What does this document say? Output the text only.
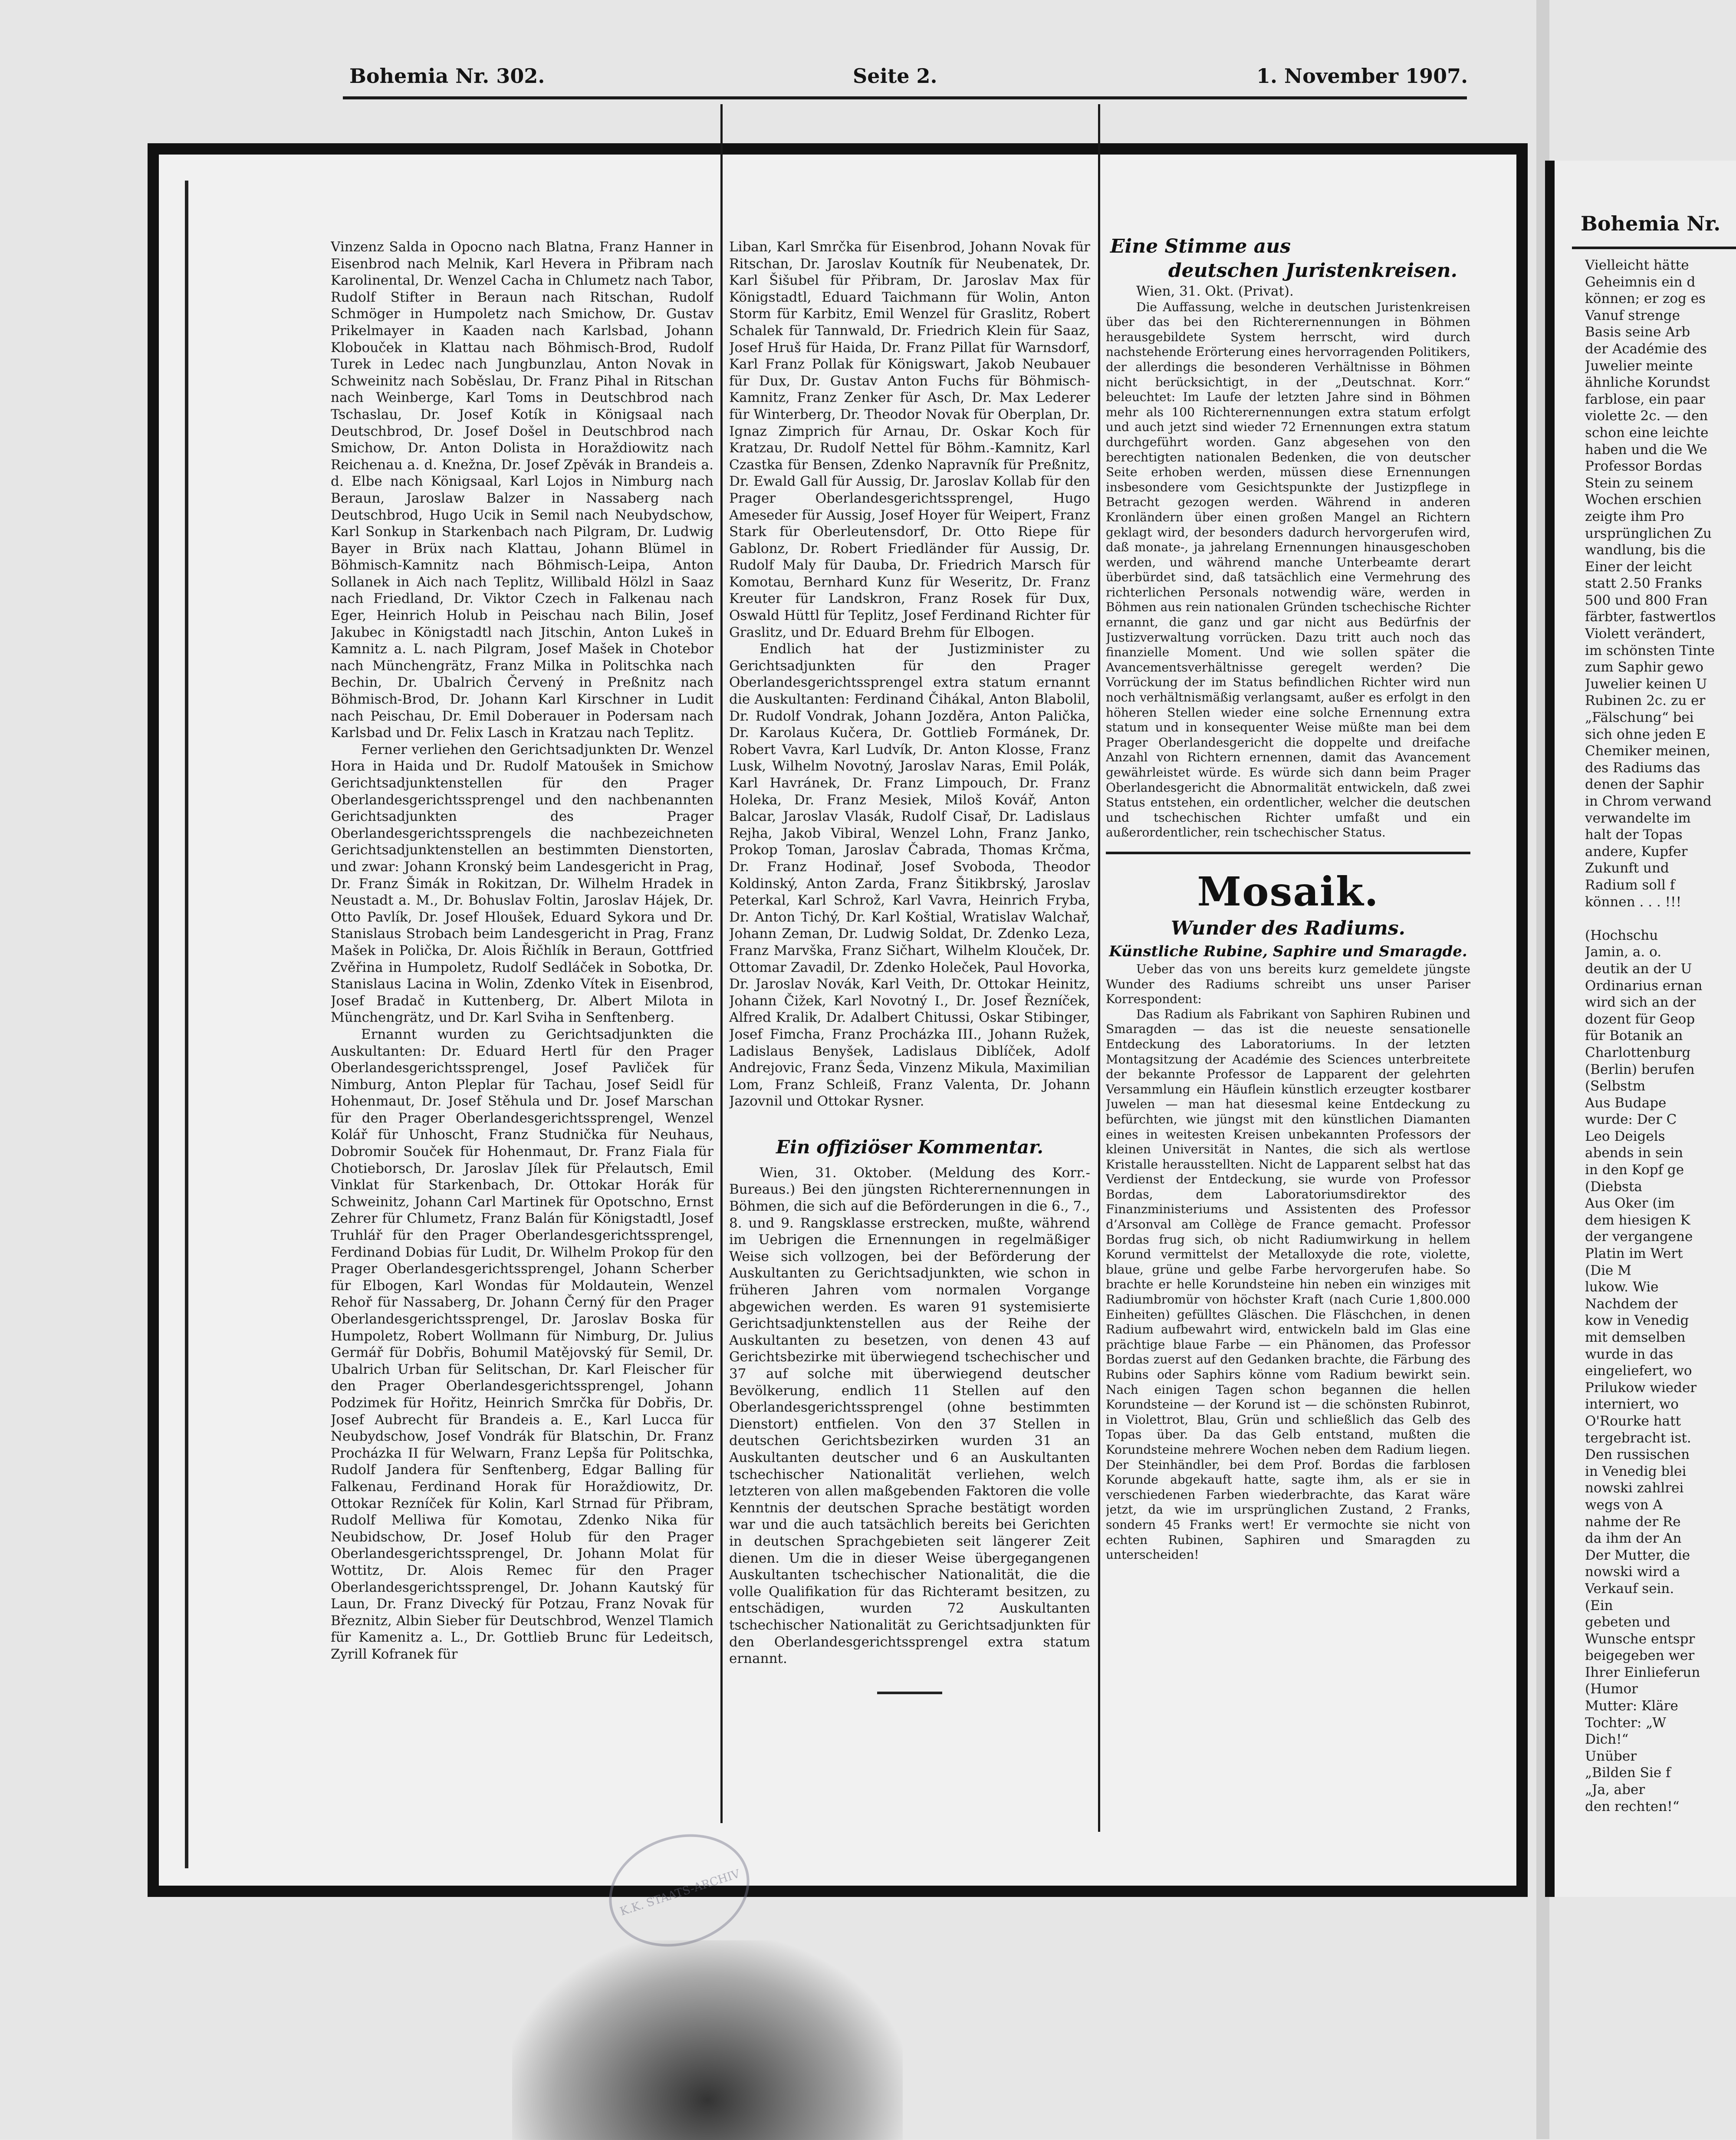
Bohemia Nr.

Vielleicht hätte

Geheimnis ein d

können; er zog es

Vanuf strenge

Basis seine Arb

der Académie des

Juwelier meinte

ähnliche Korundst

farblose, ein paar

violette 2c. — den

schon eine leichte

haben und die We

Professor Bordas

Stein zu seinem

Wochen erschien

zeigte ihm Pro

ursprünglichen Zu

wandlung, bis die

Einer der leicht

statt 2.50 Franks

500 und 800 Fran

färbter, fastwertlos

Violett verändert,

im schönsten Tinte

zum Saphir gewo

Juwelier keinen U

Rubinen 2c. zu er

„Fälschung“ bei

sich ohne jeden E

Chemiker meinen,

des Radiums das

denen der Saphir

in Chrom verwand

verwandelte im

halt der Topas

andere, Kupfer

Zukunft und

Radium soll f

können . . . !!!

(Hochschu

Jamin, a. o.

deutik an der U

Ordinarius ernan

wird sich an der

dozent für Geop

für Botanik an

Charlottenburg

(Berlin) berufen

(Selbstm

Aus Budape

wurde: Der C

Leo Deigels

abends in sein

in den Kopf ge

(Diebsta

Aus Oker (im

dem hiesigen K

der vergangene

Platin im Wert

(Die M

lukow. Wie

Nachdem der

kow in Venedig

mit demselben

wurde in das

eingeliefert, wo

Prilukow wieder

interniert, wo

O'Rourke hatt

tergebracht ist.

Den russischen

in Venedig blei

nowski zahlrei

wegs von A

nahme der Re

da ihm der An

Der Mutter, die

nowski wird a

Verkauf sein.

(Ein

gebeten und

Wunsche entspr

beigegeben wer

Ihrer Einlieferun

(Humor

Mutter: Kläre

Tochter: „W

Dich!“

Unüber

„Bilden Sie f

„Ja, aber

den rechten!“

Bohemia Nr. 302.	Seite 2.	1. November 1907.

Vinzenz Salda in Opocno nach Blatna, Franz Hanner in Eisenbrod nach Melnik, Karl Hevera in Přibram nach Karolinental, Dr. Wenzel Cacha in Chlumetz nach Tabor, Rudolf Stifter in Beraun nach Ritschan, Rudolf Schmöger in Humpoletz nach Smichow, Dr. Gustav Prikelmayer in Kaaden nach Karlsbad, Johann Klobouček in Klattau nach Böhmisch-Brod, Rudolf Turek in Ledec nach Jungbunzlau, Anton Novak in Schweinitz nach Soběslau, Dr. Franz Pihal in Ritschan nach Weinberge, Karl Toms in Deutschbrod nach Tschaslau, Dr. Josef Kotík in Königsaal nach Deutschbrod, Dr. Josef Došel in Deutschbrod nach Smichow, Dr. Anton Dolista in Horaždiowitz nach Reichenau a. d. Knežna, Dr. Josef Zpěvák in Brandeis a. d. Elbe nach Königsaal, Karl Lojos in Nimburg nach Beraun, Jaroslaw Balzer in Nassaberg nach Deutschbrod, Hugo Ucik in Semil nach Neubydschow, Karl Sonkup in Starkenbach nach Pilgram, Dr. Ludwig Bayer in Brüx nach Klattau, Johann Blümel in Böhmisch-Kamnitz nach Böhmisch-Leipa, Anton Sollanek in Aich nach Teplitz, Willibald Hölzl in Saaz nach Friedland, Dr. Viktor Czech in Falkenau nach Eger, Heinrich Holub in Peischau nach Bilin, Josef Jakubec in Königstadtl nach Jitschin, Anton Lukeš in Kamnitz a. L. nach Pilgram, Josef Mašek in Chotebor nach Münchengrätz, Franz Milka in Politschka nach Bechin, Dr. Ubalrich Červený in Preßnitz nach Böhmisch-Brod, Dr. Johann Karl Kirschner in Ludit nach Peischau, Dr. Emil Doberauer in Podersam nach Karlsbad und Dr. Felix Lasch in Kratzau nach Teplitz.

Ferner verliehen den Gerichtsadjunkten Dr. Wenzel Hora in Haida und Dr. Rudolf Matoušek in Smichow Gerichtsadjunktenstellen für den Prager Oberlandesgerichtssprengel und den nachbenannten Gerichtsadjunkten des Prager Oberlandesgerichtssprengels die nachbezeichneten Gerichtsadjunktenstellen an bestimmten Dienstorten, und zwar: Johann Kronský beim Landesgericht in Prag, Dr. Franz Šimák in Rokitzan, Dr. Wilhelm Hradek in Neustadt a. M., Dr. Bohuslav Foltin, Jaroslav Hájek, Dr. Otto Pavlík, Dr. Josef Hloušek, Eduard Sykora und Dr. Stanislaus Strobach beim Landesgericht in Prag, Franz Mašek in Polička, Dr. Alois Řičhlík in Beraun, Gottfried Zvěřina in Humpoletz, Rudolf Sedláček in Sobotka, Dr. Stanislaus Lacina in Wolin, Zdenko Vítek in Eisenbrod, Josef Bradač in Kuttenberg, Dr. Albert Milota in Münchengrätz, und Dr. Karl Sviha in Senftenberg.

Ernannt wurden zu Gerichtsadjunkten die Auskultanten: Dr. Eduard Hertl für den Prager Oberlandesgerichtssprengel, Josef Pavliček für Nimburg, Anton Pleplar für Tachau, Josef Seidl für Hohenmaut, Dr. Josef Stěhula und Dr. Josef Marschan für den Prager Oberlandesgerichtssprengel, Wenzel Kolář für Unhoscht, Franz Studnička für Neuhaus, Dobromir Souček für Hohenmaut, Dr. Franz Fiala für Chotieborsch, Dr. Jaroslav Jílek für Přelautsch, Emil Vinklat für Starkenbach, Dr. Ottokar Horák für Schweinitz, Johann Carl Martinek für Opotschno, Ernst Zehrer für Chlumetz, Franz Balán für Königstadtl, Josef Truhlář für den Prager Oberlandesgerichtssprengel, Ferdinand Dobias für Ludit, Dr. Wilhelm Prokop für den Prager Oberlandesgerichtssprengel, Johann Scherber für Elbogen, Karl Wondas für Moldautein, Wenzel Rehoř für Nassaberg, Dr. Johann Černý für den Prager Oberlandesgerichtssprengel, Dr. Jaroslav Boska für Humpoletz, Robert Wollmann für Nimburg, Dr. Julius Germář für Dobřis, Bohumil Matějovský für Semil, Dr. Ubalrich Urban für Selitschan, Dr. Karl Fleischer für den Prager Oberlandesgerichtssprengel, Johann Podzimek für Hořitz, Heinrich Smrčka für Dobřis, Dr. Josef Aubrecht für Brandeis a. E., Karl Lucca für Neubydschow, Josef Vondrák für Blatschin, Dr. Franz Procházka II für Welwarn, Franz Lepša für Politschka, Rudolf Jandera für Senftenberg, Edgar Balling für Falkenau, Ferdinand Horak für Horaždiowitz, Dr. Ottokar Rezníček für Kolin, Karl Strnad für Přibram, Rudolf Melliwa für Komotau, Zdenko Nika für Neubidschow, Dr. Josef Holub für den Prager Oberlandesgerichtssprengel, Dr. Johann Molat für Wottitz, Dr. Alois Remec für den Prager Oberlandesgerichtssprengel, Dr. Johann Kautský für Laun, Dr. Franz Divecký für Potzau, Franz Novak für Březnitz, Albin Sieber für Deutschbrod, Wenzel Tlamich für Kamenitz a. L., Dr. Gottlieb Brunc für Ledeitsch, Zyrill Kofranek für

Liban, Karl Smrčka für Eisenbrod, Johann Novak für Ritschan, Dr. Jaroslav Koutník für Neubenatek, Dr. Karl Šišubel für Přibram, Dr. Jaroslav Max für Königstadtl, Eduard Taichmann für Wolin, Anton Storm für Karbitz, Emil Wenzel für Graslitz, Robert Schalek für Tannwald, Dr. Friedrich Klein für Saaz, Josef Hruš für Haida, Dr. Franz Pillat für Warnsdorf, Karl Franz Pollak für Königswart, Jakob Neubauer für Dux, Dr. Gustav Anton Fuchs für Böhmisch-Kamnitz, Franz Zenker für Asch, Dr. Max Lederer für Winterberg, Dr. Theodor Novak für Oberplan, Dr. Ignaz Zimprich für Arnau, Dr. Oskar Koch für Kratzau, Dr. Rudolf Nettel für Böhm.-Kamnitz, Karl Czastka für Bensen, Zdenko Napravník für Preßnitz, Dr. Ewald Gall für Aussig, Dr. Jaroslav Kollab für den Prager Oberlandesgerichtssprengel, Hugo Ameseder für Aussig, Josef Hoyer für Weipert, Franz Stark für Oberleutensdorf, Dr. Otto Riepe für Gablonz, Dr. Robert Friedländer für Aussig, Dr. Rudolf Maly für Dauba, Dr. Friedrich Marsch für Komotau, Bernhard Kunz für Weseritz, Dr. Franz Kreuter für Landskron, Franz Rosek für Dux, Oswald Hüttl für Teplitz, Josef Ferdinand Richter für Graslitz, und Dr. Eduard Brehm für Elbogen.

Endlich hat der Justizminister zu Gerichtsadjunkten für den Prager Oberlandesgerichtssprengel extra statum ernannt die Auskultanten: Ferdinand Čihákal, Anton Blabolil, Dr. Rudolf Vondrak, Johann Jozděra, Anton Palička, Dr. Karolaus Kučera, Dr. Gottlieb Formánek, Dr. Robert Vavra, Karl Ludvík, Dr. Anton Klosse, Franz Lusk, Wilhelm Novotný, Jaroslav Naras, Emil Polák, Karl Havránek, Dr. Franz Limpouch, Dr. Franz Holeka, Dr. Franz Mesiek, Miloš Kovář, Anton Balcar, Jaroslav Vlasák, Rudolf Cisař, Dr. Ladislaus Rejha, Jakob Vibiral, Wenzel Lohn, Franz Janko, Prokop Toman, Jaroslav Čabrada, Thomas Krčma, Dr. Franz Hodinař, Josef Svoboda, Theodor Koldinský, Anton Zarda, Franz Šitikbrský, Jaroslav Peterkal, Karl Schrož, Karl Vavra, Heinrich Fryba, Dr. Anton Tichý, Dr. Karl Koštial, Wratislav Walchař, Johann Zeman, Dr. Ludwig Soldat, Dr. Zdenko Leza, Franz Marvška, Franz Sičhart, Wilhelm Klouček, Dr. Ottomar Zavadil, Dr. Zdenko Holeček, Paul Hovorka, Dr. Jaroslav Novák, Karl Veith, Dr. Ottokar Heinitz, Johann Čižek, Karl Novotný I., Dr. Josef Řezníček, Alfred Kralik, Dr. Adalbert Chitussi, Oskar Stibinger, Josef Fimcha, Franz Procházka III., Johann Ružek, Ladislaus Benyšek, Ladislaus Diblíček, Adolf Andrejovic, Franz Šeda, Vinzenz Mikula, Maximilian Lom, Franz Schleiß, Franz Valenta, Dr. Johann Jazovnil und Ottokar Rysner.

Ein offiziöser Kommentar.

Wien, 31. Oktober. (Meldung des Korr.-Bureaus.) Bei den jüngsten Richterernennungen in Böhmen, die sich auf die Beförderungen in die 6., 7., 8. und 9. Rangsklasse erstrecken, mußte, während im Uebrigen die Ernennungen in regelmäßiger Weise sich vollzogen, bei der Beförderung der Auskultanten zu Gerichtsadjunkten, wie schon in früheren Jahren vom normalen Vorgange abgewichen werden. Es waren 91 systemisierte Gerichtsadjunktenstellen aus der Reihe der Auskultanten zu besetzen, von denen 43 auf Gerichtsbezirke mit überwiegend tschechischer und 37 auf solche mit überwiegend deutscher Bevölkerung, endlich 11 Stellen auf den Oberlandesgerichtssprengel (ohne bestimmten Dienstort) entfielen. Von den 37 Stellen in deutschen Gerichtsbezirken wurden 31 an Auskultanten deutscher und 6 an Auskultanten tschechischer Nationalität verliehen, welch letzteren von allen maßgebenden Faktoren die volle Kenntnis der deutschen Sprache bestätigt worden war und die auch tatsächlich bereits bei Gerichten in deutschen Sprachgebieten seit längerer Zeit dienen. Um die in dieser Weise übergegangenen Auskultanten tschechischer Nationalität, die die volle Qualifikation für das Richteramt besitzen, zu entschädigen, wurden 72 Auskultanten tschechischer Nationalität zu Gerichtsadjunkten für den Oberlandesgerichtssprengel extra statum ernannt.

Eine Stimme aus
deutschen Juristenkreisen.

Wien, 31. Okt. (Privat).

Die Auffassung, welche in deutschen Juristenkreisen über das bei den Richterernennungen in Böhmen herausgebildete System herrscht, wird durch nachstehende Erörterung eines hervorragenden Politikers, der allerdings die besonderen Verhältnisse in Böhmen nicht berücksichtigt, in der „Deutschnat. Korr.“ beleuchtet: Im Laufe der letzten Jahre sind in Böhmen mehr als 100 Richterernennungen extra statum erfolgt und auch jetzt sind wieder 72 Ernennungen extra statum durchgeführt worden. Ganz abgesehen von den berechtigten nationalen Bedenken, die von deutscher Seite erhoben werden, müssen diese Ernennungen insbesondere vom Gesichtspunkte der Justizpflege in Betracht gezogen werden. Während in anderen Kronländern über einen großen Mangel an Richtern geklagt wird, der besonders dadurch hervorgerufen wird, daß monate-, ja jahrelang Ernennungen hinausgeschoben werden, und während manche Unterbeamte derart überbürdet sind, daß tatsächlich eine Vermehrung des richterlichen Personals notwendig wäre, werden in Böhmen aus rein nationalen Gründen tschechische Richter ernannt, die ganz und gar nicht aus Bedürfnis der Justizverwaltung vorrücken. Dazu tritt auch noch das finanzielle Moment. Und wie sollen später die Avancementsverhältnisse geregelt werden? Die Vorrückung der im Status befindlichen Richter wird nun noch verhältnismäßig verlangsamt, außer es erfolgt in den höheren Stellen wieder eine solche Ernennung extra statum und in konsequenter Weise müßte man bei dem Prager Oberlandesgericht die doppelte und dreifache Anzahl von Richtern ernennen, damit das Avancement gewährleistet würde. Es würde sich dann beim Prager Oberlandesgericht die Abnormalität entwickeln, daß zwei Status entstehen, ein ordentlicher, welcher die deutschen und tschechischen Richter umfaßt und ein außerordentlicher, rein tschechischer Status.

Mosaik.
Wunder des Radiums.
Künstliche Rubine, Saphire und Smaragde.

Ueber das von uns bereits kurz gemeldete jüngste Wunder des Radiums schreibt uns unser Pariser Korrespondent:

Das Radium als Fabrikant von Saphiren Rubinen und Smaragden — das ist die neueste sensationelle Entdeckung des Laboratoriums. In der letzten Montagsitzung der Académie des Sciences unterbreitete der bekannte Professor de Lapparent der gelehrten Versammlung ein Häuflein künstlich erzeugter kostbarer Juwelen — man hat diesesmal keine Entdeckung zu befürchten, wie jüngst mit den künstlichen Diamanten eines in weitesten Kreisen unbekannten Professors der kleinen Universität in Nantes, die sich als wertlose Kristalle herausstellten. Nicht de Lapparent selbst hat das Verdienst der Entdeckung, sie wurde von Professor Bordas, dem Laboratoriumsdirektor des Finanzministeriums und Assistenten des Professor d’Arsonval am Collège de France gemacht. Professor Bordas frug sich, ob nicht Radiumwirkung in hellem Korund vermittelst der Metalloxyde die rote, violette, blaue, grüne und gelbe Farbe hervorgerufen habe. So brachte er helle Korundsteine hin neben ein winziges mit Radiumbromür von höchster Kraft (nach Curie 1,800.000 Einheiten) gefülltes Gläschen. Die Fläschchen, in denen Radium aufbewahrt wird, entwickeln bald im Glas eine prächtige blaue Farbe — ein Phänomen, das Professor Bordas zuerst auf den Gedanken brachte, die Färbung des Rubins oder Saphirs könne vom Radium bewirkt sein. Nach einigen Tagen schon begannen die hellen Korundsteine — der Korund ist — die schönsten Rubinrot, in Violettrot, Blau, Grün und schließlich das Gelb des Topas über. Da das Gelb entstand, mußten die Korundsteine mehrere Wochen neben dem Radium liegen. Der Steinhändler, bei dem Prof. Bordas die farblosen Korunde abgekauft hatte, sagte ihm, als er sie in verschiedenen Farben wiederbrachte, das Karat wäre jetzt, da wie im ursprünglichen Zustand, 2 Franks, sondern 45 Franks wert! Er vermochte sie nicht von echten Rubinen, Saphiren und Smaragden zu unterscheiden!

K.K. STAATS-ARCHIV
